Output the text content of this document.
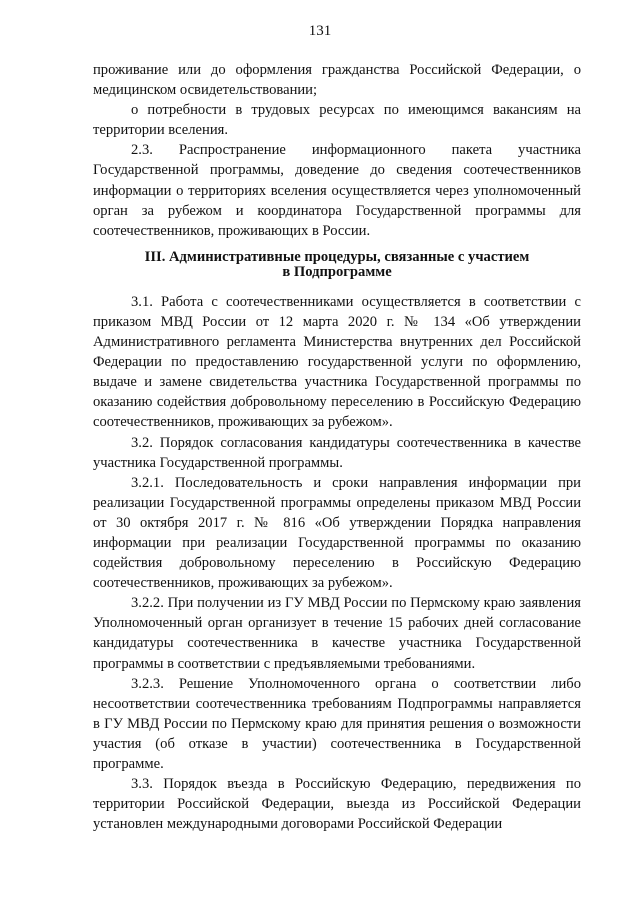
131

проживание или до оформления гражданства Российской Федерации, о медицинском освидетельствовании;

о потребности в трудовых ресурсах по имеющимся вакансиям на территории вселения.

2.3. Распространение информационного пакета участника Государственной программы, доведение до сведения соотечественников информации о территориях вселения осуществляется через уполномоченный орган за рубежом и координатора Государственной программы для соотечественников, проживающих в России.

III. Административные процедуры, связанные с участием
в Подпрограмме

3.1. Работа с соотечественниками осуществляется в соответствии с приказом МВД России от 12 марта 2020 г. № 134 «Об утверждении Административного регламента Министерства внутренних дел Российской Федерации по предоставлению государственной услуги по оформлению, выдаче и замене свидетельства участника Государственной программы по оказанию содействия добровольному переселению в Российскую Федерацию соотечественников, проживающих за рубежом».

3.2. Порядок согласования кандидатуры соотечественника в качестве участника Государственной программы.

3.2.1. Последовательность и сроки направления информации при реализации Государственной программы определены приказом МВД России от 30 октября 2017 г. № 816 «Об утверждении Порядка направления информации при реализации Государственной программы по оказанию содействия добровольному переселению в Российскую Федерацию соотечественников, проживающих за рубежом».

3.2.2. При получении из ГУ МВД России по Пермскому краю заявления Уполномоченный орган организует в течение 15 рабочих дней согласование кандидатуры соотечественника в качестве участника Государственной программы в соответствии с предъявляемыми требованиями.

3.2.3. Решение Уполномоченного органа о соответствии либо несоответствии соотечественника требованиям Подпрограммы направляется в ГУ МВД России по Пермскому краю для принятия решения о возможности участия (об отказе в участии) соотечественника в Государственной программе.

3.3. Порядок въезда в Российскую Федерацию, передвижения по территории Российской Федерации, выезда из Российской Федерации установлен международными договорами Российской Федерации
